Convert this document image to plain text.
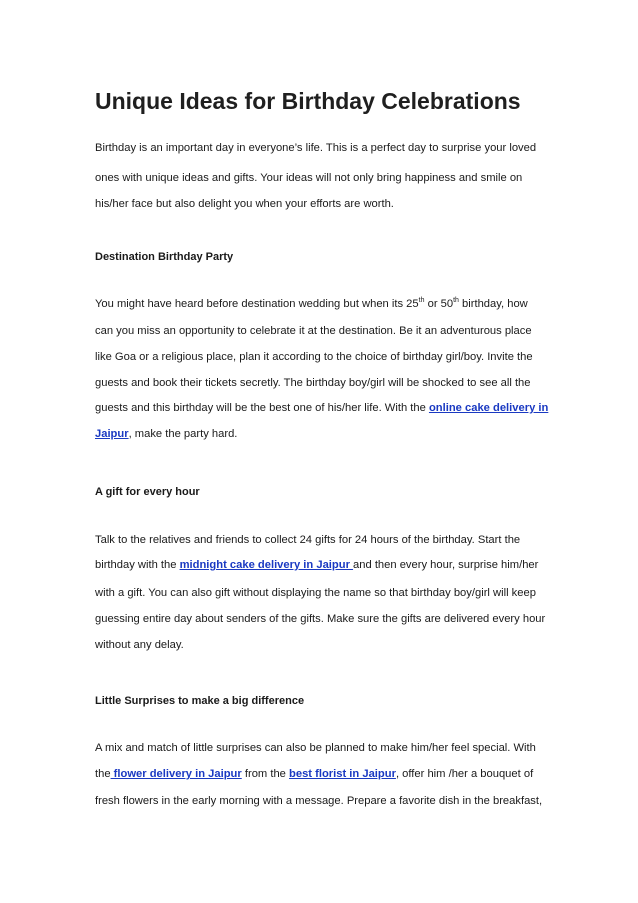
Unique Ideas for Birthday Celebrations

Birthday is an important day in everyone’s life. This is a perfect day to surprise your loved

ones with unique ideas and gifts. Your ideas will not only bring happiness and smile on

his/her face but also delight you when your efforts are worth.

Destination Birthday Party

You might have heard before destination wedding but when its 25th or 50th birthday, how

can you miss an opportunity to celebrate it at the destination. Be it an adventurous place

like Goa or a religious place, plan it according to the choice of birthday girl/boy. Invite the

guests and book their tickets secretly. The birthday boy/girl will be shocked to see all the

guests and this birthday will be the best one of his/her life. With the online cake delivery in

Jaipur, make the party hard.

A gift for every hour

Talk to the relatives and friends to collect 24 gifts for 24 hours of the birthday. Start the

birthday with the midnight cake delivery in Jaipur and then every hour, surprise him/her

with a gift. You can also gift without displaying the name so that birthday boy/girl will keep

guessing entire day about senders of the gifts. Make sure the gifts are delivered every hour

without any delay.

Little Surprises to make a big difference

A mix and match of little surprises can also be planned to make him/her feel special. With

the flower delivery in Jaipur from the best florist in Jaipur, offer him /her a bouquet of

fresh flowers in the early morning with a message. Prepare a favorite dish in the breakfast,
